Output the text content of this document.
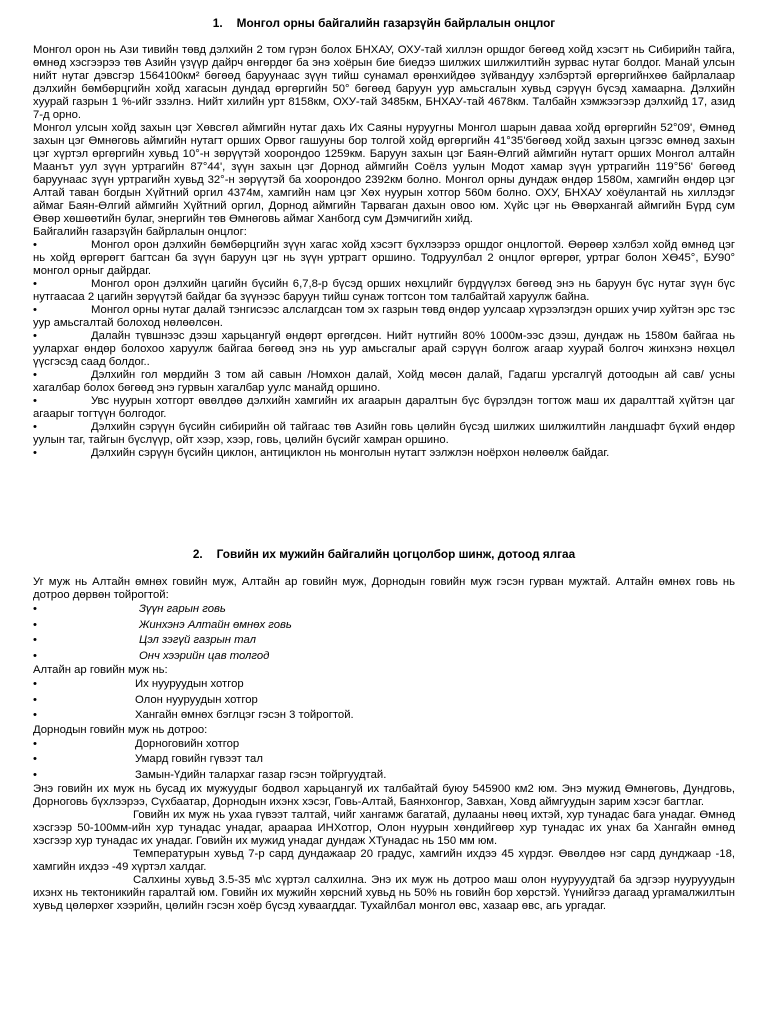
1. Монгол орны байгалийн газарзүйн байрлалын онцлог

Монгол орон нь Ази тивийн төвд дэлхийн 2 том гүрэн болох БНХАУ, ОХУ-тай хиллэн оршдог бөгөөд хойд хэсэгт нь Сибирийн тайга, өмнөд хэсгээрээ төв Азийн үзүүр дайрч өнгөрдөг ба энэ хоёрын бие биедээ шилжих шилжилтийн зурвас нутаг болдог. Манай улсын нийт нутаг дэвсгэр 1564100км² бөгөөд баруунаас зүүн тийш сунамал өрөнхийдөө зүйвандуу хэлбэртэй өргөргийнхөө байрлалаар дэлхийн бөмбөрцгийн хойд хагасын дундад өргөргийн 50° бөгөөд баруун уур амьсгалын хувьд сэрүүн бүсэд хамаарна. Дэлхийн хуурай газрын 1 %-ийг эзэлнэ. Нийт хилийн урт 8158км, ОХУ-тай 3485км, БНХАУ-тай 4678км. Талбайн хэмжээгээр дэлхийд 17, азид 7-д орно.

Монгол улсын хойд захын цэг Хөвсгөл аймгийн нутаг дахь Их Саяны нуруугны Монгол шарын даваа хойд өргөргийн 52°09', Өмнөд захын цэг Өмнөговь аймгийн нутагт орших Орвог гашууны бор толгой хойд өргөргийн 41°35'бөгөөд хойд захын цэгээс өмнөд захын цэг хүртэл өргөргийн хувьд 10°-н зөрүүтэй хоорондоо 1259км. Баруун захын цэг Баян-Өлгий аймгийн нутагт орших Монгол алтайн Маанът уул зүүн уртрагийн 87°44', зүүн захын цэг Дорнод аймгийн Соёлз уулын Модот хамар зүүн уртрагийн 119°56' бөгөөд баруунаас зүүн уртрагийн хувьд 32°-н зөрүүтэй ба хоорондоо 2392км болно. Монгол орны дундаж өндөр 1580м, хамгийн өндөр цэг Алтай таван богдын Хүйтний оргил 4374м, хамгийн нам цэг Хөх нуурын хотгор 560м болно. ОХУ, БНХАУ хоёулантай нь хиллэдэг аймаг Баян-Өлгий аймгийн Хүйтний оргил, Дорнод аймгийн Тарваган дахын овоо юм. Хүйс цэг нь Өвөрхангай аймгийн Бүрд сум Өвөр хөшөөтийн булаг, энергийн төв Өмнөговь аймаг Ханбогд сум Дэмчигийн хийд.

Байгалийн газарзүйн байрлалын онцлог:

•	Монгол орон дэлхийн бөмбөрцгийн зүүн хагас хойд хэсэгт бүхлээрээ оршдог онцлогтой. Өөрөөр хэлбэл хойд өмнөд цэг нь хойд өргөрөгт багтсан ба зүүн баруун цэг нь зүүн уртрагт оршино. Тодруулбал 2 онцлог өргөрөг, уртраг болон ХӨ45°, БУ90° монгол орныг дайрдаг.

•	Монгол орон дэлхийн цагийн бүсийн 6,7,8-р бүсэд орших нөхцлийг бүрдүүлэх бөгөөд энэ нь баруун бүс нутаг зүүн бүс нутгаасаа 2 цагийн зөрүүтэй байдаг ба зүүнээс баруун тийш сунаж тогтсон том талбайтай харуулж байна.

•	Монгол орны нутаг далай тэнгисээс алслагдсан том эх газрын төвд өндөр уулсаар хүрээлэгдэн орших учир хуйтэн эрс тэс уур амьсгалтай болоход нөлөөлсөн.

•	Далайн түвшнээс дээш харьцангуй өндөрт өргөгдсөн. Нийт нутгийн 80% 1000м-ээс дээш, дундаж нь 1580м байгаа нь уулархаг өндөр болохоо харуулж байгаа бөгөөд энэ нь уур амьсгалыг арай сэрүүн болгож агаар хуурай болгоч жинхэнэ нөхцөл үүсгэсэд саад болдог..

•	Дэлхийн гол мөрдийн 3 том ай савын /Номхон далай, Хойд мөсөн далай, Гадагш урсгалгүй дотоодын ай сав/ усны хагалбар болох бөгөөд энэ гурвын хагалбар уулс манайд оршино.

•	Увс нуурын хотгорт өвөлдөө дэлхийн хамгийн их агаарын даралтын бүс бүрэлдэн тогтож маш их даралттай хүйтэн цаг агаарыг тогтүүн болгодог.

•	Дэлхийн сэрүүн бүсийн сибирийн ой тайгаас төв Азийн говь цөлийн бүсэд шилжих шилжилтийн ландшафт бүхий өндөр уулын таг, тайгын бүслүүр, ойт хээр, хээр, говь, цөлийн бүсийг хамран оршино.

•	Дэлхийн сэрүүн бүсийн циклон, антициклон нь монголын нутагт ээлжлэн ноёрхон нөлөөлж байдаг.

2. Говийн их мужийн байгалийн цогцолбор шинж, дотоод ялгаа

Уг муж нь Алтайн өмнөх говийн муж, Алтайн ар говийн муж, Дорнодын говийн муж гэсэн гурван мужтай. Алтайн өмнөх говь нь дотроо дөрвөн тойрогтой:

•	Зүүн гарын говь
•	Жинхэнэ Алтайн өмнөх говь
•	Цэл зэгүй газрын тал
•	Онч хээрийн цав толгод

Алтайн ар говийн муж нь:

•	Их нууруудын хотгор
•	Олон нууруудын хотгор
•	Хангайн өмнөх бэглцэг гэсэн 3 тойрогтой.

Дорнодын говийн муж нь дотроо:

•	Дорноговийн хотгор
•	Умард говийн гүвээт тал
•	Замын-Үдийн талархаг газар гэсэн тойргуудтай.

Энэ говийн их муж нь бусад их мужуудыг бодвол харьцангуй их талбайтай буюу 545900 км2 юм. Энэ мужид Өмнөговь, Дундговь, Дорноговь бүхлээрээ, Сүхбаатар, Дорнодын ихэнх хэсэг, Говь-Алтай, Баянхонгор, Завхан, Ховд аймгуудын зарим хэсэг багтлаг.

Говийн их муж нь ухаа гүвээт талтай, чийг хангамж багатай, дулааны нөөц ихтэй, хур тунадас бага унадаг. Өмнөд хэсгээр 50-100мм-ийн хур тунадас унадаг, араараа ИНХотгор, Олон нуурын хөндийгөөр хур тунадас их унах ба Хангайн өмнөд хэсгээр хур тунадас их унадаг. Говийн их мужид унадаг дундаж ХТунадас нь 150 мм юм.

Температурын хувьд 7-р сард дундажаар 20 градус, хамгийн ихдээ 45 хүрдэг. Өвөлдөө нэг сард дунджаар -18, хамгийн ихдээ -49 хүртэл халдаг.

Салхины хувьд 3.5-35 м\с хүртэл салхилна. Энэ их муж нь дотроо маш олон нуурууудтай ба эдгээр нуурууудын ихэнх нь тектоникийн гаралтай юм. Говийн их мужийн хөрсний хувьд нь 50% нь говийн бор хөрстэй. Үүнийгээ дагаад ургамалжилтын хувьд цөлөрхөг хээрийн, цөлийн гэсэн хоёр бүсэд хуваагддаг. Тухайлбал монгол өвс, хазаар өвс, агь ургадаг.
